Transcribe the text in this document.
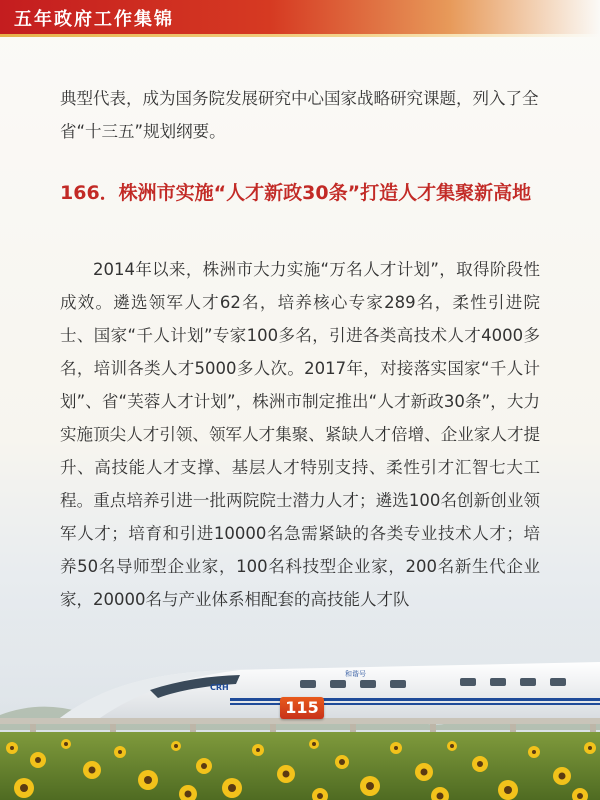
五年政府工作集锦

典型代表，成为国务院发展研究中心国家战略研究课题，列入了全省“十三五”规划纲要。

166．株洲市实施“人才新政30条”打造人才集聚新高地

2014年以来，株洲市大力实施“万名人才计划”，取得阶段性成效。遴选领军人才62名，培养核心专家289名，柔性引进院士、国家“千人计划”专家100多名，引进各类高技术人才4000多名，培训各类人才5000多人次。2017年，对接落实国家“千人计划”、省“芙蓉人才计划”，株洲市制定推出“人才新政30条”，大力实施顶尖人才引领、领军人才集聚、紧缺人才倍增、企业家人才提升、高技能人才支撑、基层人才特别支持、柔性引才汇智七大工程。重点培养引进一批两院院士潜力人才；遴选100名创新创业领军人才；培育和引进10000名急需紧缺的各类专业技术人才；培养50名导师型企业家，100名科技型企业家，200名新生代企业家，20000名与产业体系相配套的高技能人才队

CRH
和谐号
115
